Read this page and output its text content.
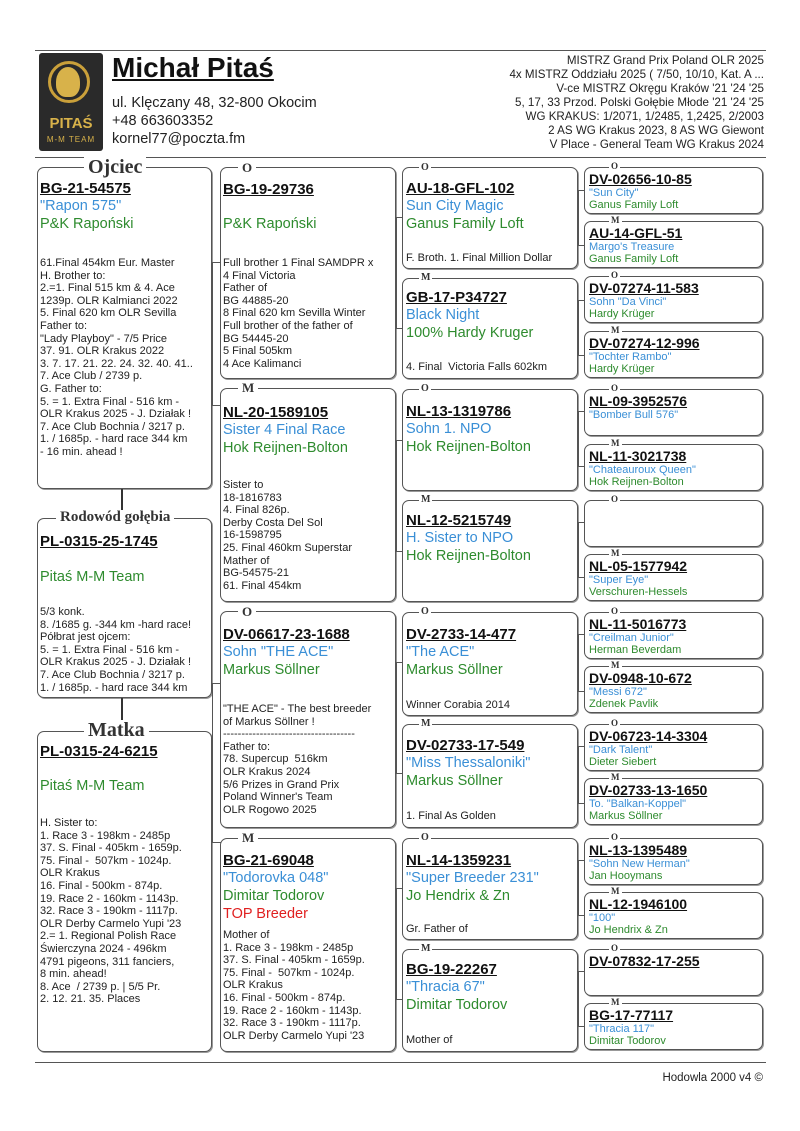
PITAŚ
M-M TEAM
Michał Pitaś
ul. Klęczany 48, 32-800 Okocim
+48 663603352
kornel77@poczta.fm
MISTRZ Grand Prix Poland OLR 2025
4x MISTRZ Oddziału 2025 ( 7/50, 10/10, Kat. A ...
V-ce MISTRZ Okręgu Kraków '21 '24 '25
5, 17, 33 Przod. Polski Gołębie Młode '21 '24 '25
WG KRAKUS: 1/2071, 1/2485, 1,2425, 2/2003
2 AS WG Krakus 2023, 8 AS WG Giewont
V Place - General Team WG Krakus 2024
Ojciec
BG-21-54575
"Rapon 575"
P&K Rapoński
61.Final 454km Eur. Master
H. Brother to:
2.=1. Final 515 km & 4. Ace
1239p. OLR Kalmianci 2022
5. Final 620 km OLR Sevilla
Father to:
"Lady Playboy" - 7/5 Price
37. 91. OLR Krakus 2022
3. 7. 17. 21. 22. 24. 32. 40. 41..
7. Ace Club / 2739 p.
G. Father to:
5. = 1. Extra Final - 516 km -
OLR Krakus 2025 - J. Działak !
7. Ace Club Bochnia / 3217 p.
1. / 1685p. - hard race 344 km
- 16 min. ahead !
Rodowód gołębia
PL-0315-25-1745
Pitaś M-M Team
5/3 konk.
8. /1685 g. -344 km -hard race!
Półbrat jest ojcem:
5. = 1. Extra Final - 516 km -
OLR Krakus 2025 - J. Działak !
7. Ace Club Bochnia / 3217 p.
1. / 1685p. - hard race 344 km
Matka
PL-0315-24-6215
Pitaś M-M Team
H. Sister to:
1. Race 3 - 198km - 2485p
37. S. Final - 405km - 1659p.
75. Final -  507km - 1024p.
OLR Krakus
16. Final - 500km - 874p.
19. Race 2 - 160km - 1143p.
32. Race 3 - 190km - 1117p.
OLR Derby Carmelo Yupi '23
2.= 1. Regional Polish Race
Świerczyna 2024 - 496km
4791 pigeons, 311 fanciers,
8 min. ahead!
8. Ace  / 2739 p. | 5/5 Pr.
2. 12. 21. 35. Places
O
BG-19-29736
P&K Rapoński
Full brother 1 Final SAMDPR x
4 Final Victoria
Father of
BG 44885-20
8 Final 620 km Sevilla Winter
Full brother of the father of
BG 54445-20
5 Final 505km
4 Ace Kalimanci
M
NL-20-1589105
Sister 4 Final Race
Hok Reijnen-Bolton
Sister to
18-1816783
4. Final 826p.
Derby Costa Del Sol
16-1598795
25. Final 460km Superstar
Mather of
BG-54575-21
61. Final 454km
O
DV-06617-23-1688
Sohn "THE ACE"
Markus Söllner
"THE ACE" - The best breeder
of Markus Söllner !
------------------------------------
Father to:
78. Supercup  516km
OLR Krakus 2024
5/6 Prizes in Grand Prix
Poland Winner's Team
OLR Rogowo 2025
M
BG-21-69048
"Todorovka 048"
Dimitar Todorov
TOP Breeder
Mother of
1. Race 3 - 198km - 2485p
37. S. Final - 405km - 1659p.
75. Final -  507km - 1024p.
OLR Krakus
16. Final - 500km - 874p.
19. Race 2 - 160km - 1143p.
32. Race 3 - 190km - 1117p.
OLR Derby Carmelo Yupi '23
O
AU-18-GFL-102
Sun City Magic
Ganus Family Loft
F. Broth. 1. Final Million Dollar
M
GB-17-P34727
Black Night
100% Hardy Kruger
4. Final  Victoria Falls 602km
O
NL-13-1319786
Sohn 1. NPO
Hok Reijnen-Bolton
M
NL-12-5215749
H. Sister to NPO
Hok Reijnen-Bolton
O
DV-2733-14-477
"The ACE"
Markus Söllner
Winner Corabia 2014
M
DV-02733-17-549
"Miss Thessaloniki"
Markus Söllner
1. Final As Golden
O
NL-14-1359231
"Super Breeder 231"
Jo Hendrix & Zn
Gr. Father of
M
BG-19-22267
"Thracia 67"
Dimitar Todorov
Mother of
O
DV-02656-10-85
"Sun City"
Ganus Family Loft
M
AU-14-GFL-51
Margo's Treasure
Ganus Family Loft
O
DV-07274-11-583
Sohn "Da Vinci"
Hardy Krüger
M
DV-07274-12-996
"Tochter Rambo"
Hardy Krüger
O
NL-09-3952576
"Bomber Bull 576"
M
NL-11-3021738
"Chateauroux Queen"
Hok Reijnen-Bolton
O
M
NL-05-1577942
"Super Eye"
Verschuren-Hessels
O
NL-11-5016773
"Creilman Junior"
Herman Beverdam
M
DV-0948-10-672
"Messi 672"
Zdenek Pavlik
O
DV-06723-14-3304
"Dark Talent"
Dieter Siebert
M
DV-02733-13-1650
To. "Balkan-Koppel"
Markus Söllner
O
NL-13-1395489
"Sohn New Herman"
Jan Hooymans
M
NL-12-1946100
"100"
Jo Hendrix & Zn
O
DV-07832-17-255
M
BG-17-77117
"Thracia 117"
Dimitar Todorov
Hodowla 2000 v4 ©
